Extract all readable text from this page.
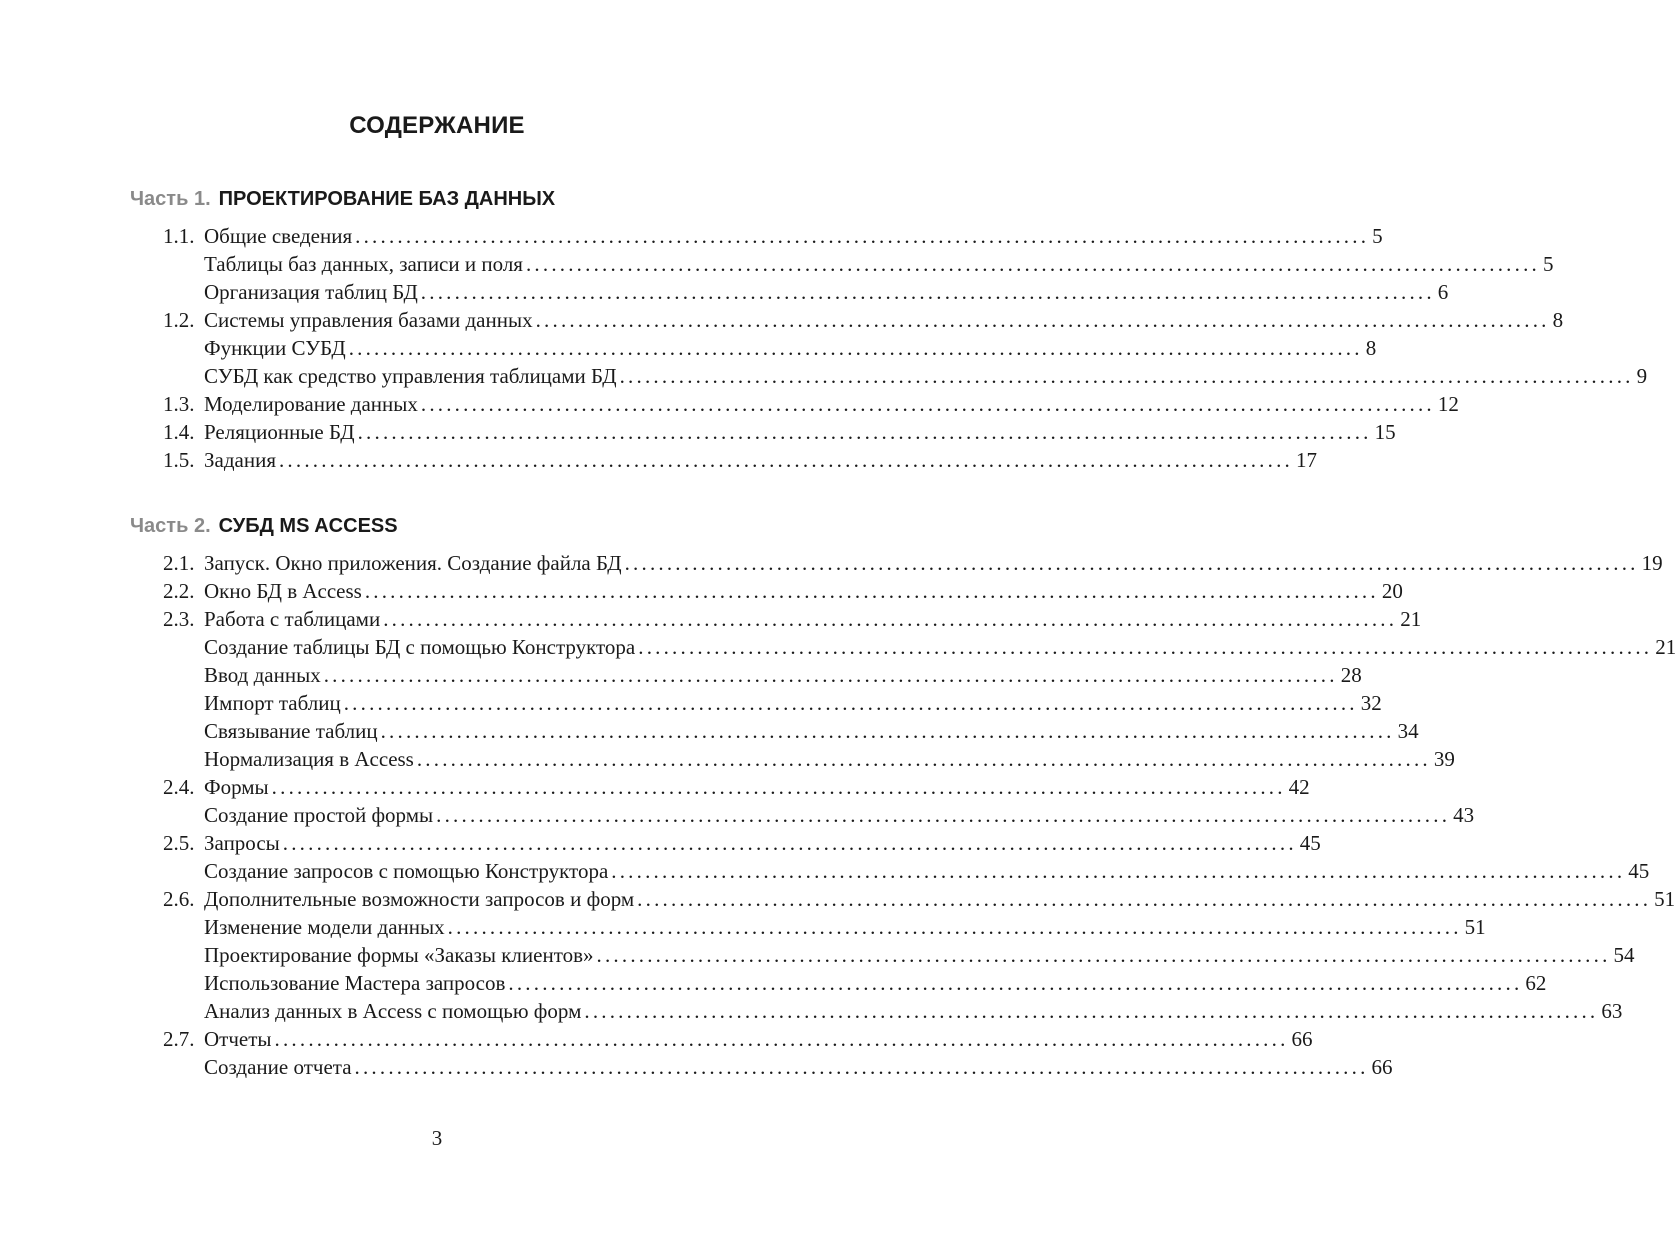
СОДЕРЖАНИЕ
Часть 1. ПРОЕКТИРОВАНИЕ БАЗ ДАННЫХ
1.1. Общие сведения ........................................................................................................................ 5
Таблицы баз данных, записи и поля ........................................................................................................................ 5
Организация таблиц БД ........................................................................................................................ 6
1.2. Системы управления базами данных ........................................................................................................................ 8
Функции СУБД ........................................................................................................................ 8
СУБД как средство управления таблицами БД ........................................................................................................................ 9
1.3. Моделирование данных ........................................................................................................................ 12
1.4. Реляционные БД ........................................................................................................................ 15
1.5. Задания ........................................................................................................................ 17
Часть 2. СУБД MS ACCESS
2.1. Запуск. Окно приложения. Создание файла БД ........................................................................................................................ 19
2.2. Окно БД в Access ........................................................................................................................ 20
2.3. Работа с таблицами ........................................................................................................................ 21
Создание таблицы БД с помощью Конструктора ........................................................................................................................ 21
Ввод данных ........................................................................................................................ 28
Импорт таблиц ........................................................................................................................ 32
Связывание таблиц ........................................................................................................................ 34
Нормализация в Access ........................................................................................................................ 39
2.4. Формы ........................................................................................................................ 42
Создание простой формы ........................................................................................................................ 43
2.5. Запросы ........................................................................................................................ 45
Создание запросов с помощью Конструктора ........................................................................................................................ 45
2.6. Дополнительные возможности запросов и форм ........................................................................................................................ 51
Изменение модели данных ........................................................................................................................ 51
Проектирование формы «Заказы клиентов» ........................................................................................................................ 54
Использование Мастера запросов ........................................................................................................................ 62
Анализ данных в Access с помощью форм ........................................................................................................................ 63
2.7. Отчеты ........................................................................................................................ 66
Создание отчета ........................................................................................................................ 66
3
